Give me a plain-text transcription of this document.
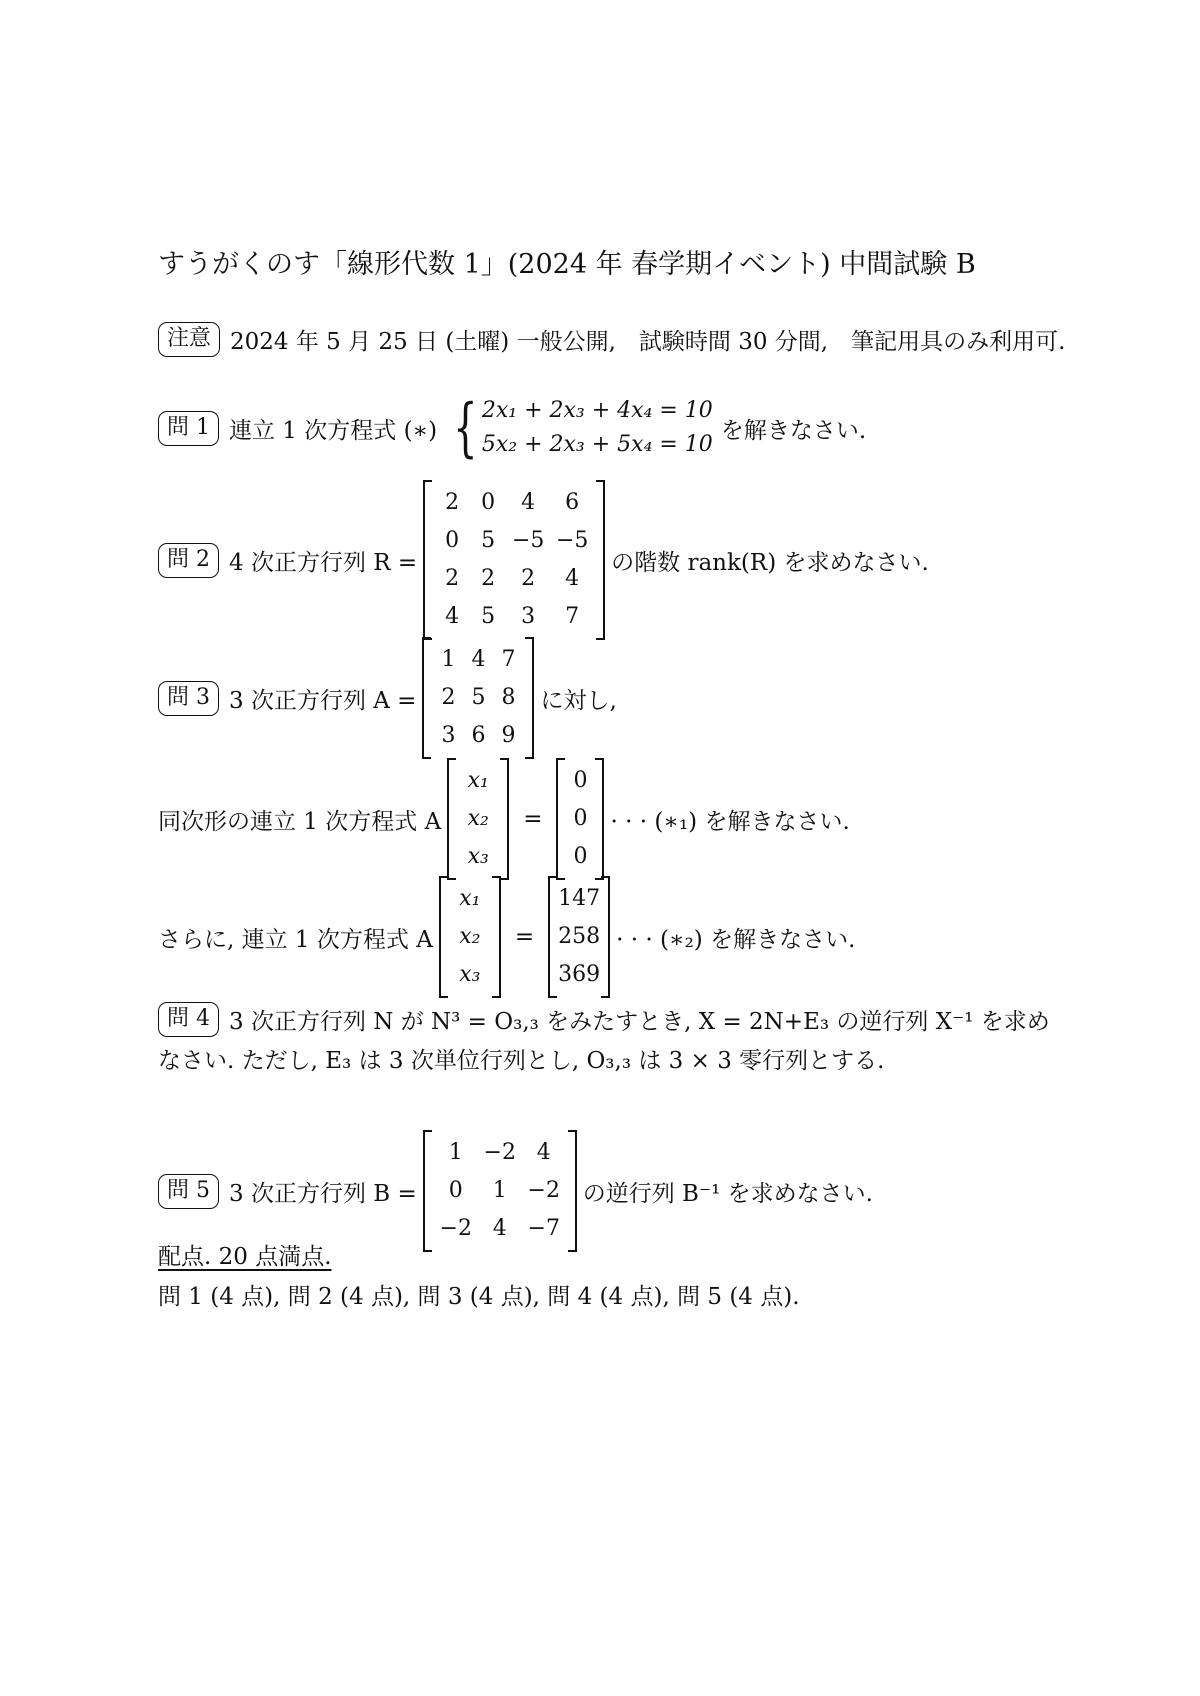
すうがくのす「線形代数 1」(2024 年 春学期イベント) 中間試験 B
注意 2024 年 5 月 25 日 (土曜) 一般公開,　試験時間 30 分間,　筆記用具のみ利用可.
問 1 連立 1 次方程式 (∗) { 2x₁ + 2x₃ + 4x₄ = 10
5x₂ + 2x₃ + 5x₄ = 10
を解きなさい.
問 2 4 次正方行列 R =
2 0 4 6
0 5 −5 −5
2 2 2 4
4 5 3 7
の階数 rank(R) を求めなさい.
問 3 3 次正方行列 A =
1 4 7
2 5 8
3 6 9
に対し,
同次形の連立 1 次方程式 A
x₁
x₂
x₃
=
0
0
0
· · · (∗₁) を解きなさい.
さらに, 連立 1 次方程式 A
x₁
x₂
x₃
=
147
258
369
· · · (∗₂) を解きなさい.
問 4 3 次正方行列 N が N³ = O₃,₃ をみたすとき, X = 2N+E₃ の逆行列 X⁻¹ を求め
なさい. ただし, E₃ は 3 次単位行列とし, O₃,₃ は 3 × 3 零行列とする.
問 5 3 次正方行列 B =
1 −2 4
0 1 −2
−2 4 −7
の逆行列 B⁻¹ を求めなさい.
配点. 20 点満点.
問 1 (4 点), 問 2 (4 点), 問 3 (4 点), 問 4 (4 点), 問 5 (4 点).
